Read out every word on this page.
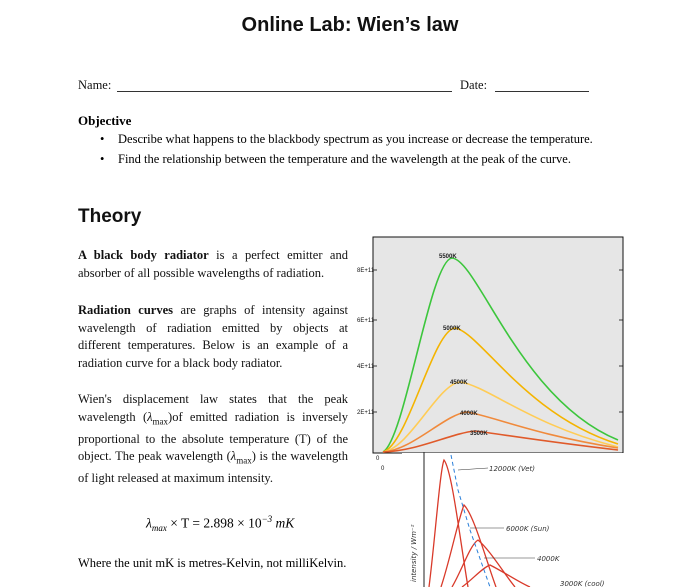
Online Lab: Wien’s law
Name:	Date:
Objective
• Describe what happens to the blackbody spectrum as you increase or decrease the temperature.
• Find the relationship between the temperature and the wavelength at the peak of the curve.
Theory
A black body radiator is a perfect emitter and absorber of all possible wavelengths of radiation.
Radiation curves are graphs of intensity against wavelength of radiation emitted by objects at different temperatures. Below is an example of a radiation curve for a black body radiator.
Wien's displacement law states that the peak wavelength $(\lambda_{max})of$ emitted radiation is inversely proportional to the absolute temperature (T) of the object. The peak wavelength $(\lambda_{max})$ is the wavelength of light released at maximum intensity.
$\lambda_{max} \times T = 2.898 \times 10^{-3}$ mK
Where the unit mK is metres-Kelvin, not milliKelvin.
8E+11
6E+11
4E+11
2E+11
0
0
5500K
5000K
4500K
4000K
3500K
intensity / Wm⁻²
12000K (Vet)
6000K (Sun)
4000K
3000K (cool)
